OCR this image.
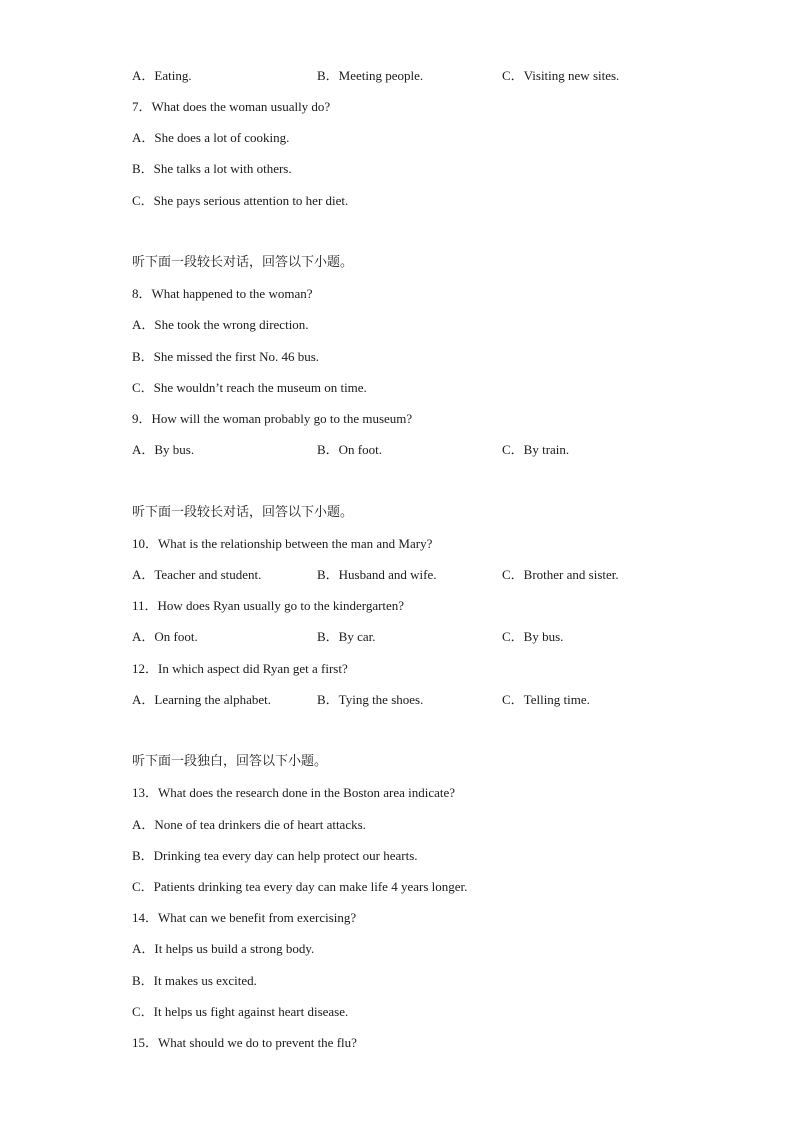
A．Eating.	B．Meeting people.	C．Visiting new sites.
7．What does the woman usually do?
A．She does a lot of cooking.
B．She talks a lot with others.
C．She pays serious attention to her diet.
听下面一段较长对话，回答以下小题。
8．What happened to the woman?
A．She took the wrong direction.
B．She missed the first No. 46 bus.
C．She wouldn’t reach the museum on time.
9．How will the woman probably go to the museum?
A．By bus.	B．On foot.	C．By train.
听下面一段较长对话，回答以下小题。
10．What is the relationship between the man and Mary?
A．Teacher and student.	B．Husband and wife.	C．Brother and sister.
11．How does Ryan usually go to the kindergarten?
A．On foot.	B．By car.	C．By bus.
12．In which aspect did Ryan get a first?
A．Learning the alphabet.	B．Tying the shoes.	C．Telling time.
听下面一段独白，回答以下小题。
13．What does the research done in the Boston area indicate?
A．None of tea drinkers die of heart attacks.
B．Drinking tea every day can help protect our hearts.
C．Patients drinking tea every day can make life 4 years longer.
14．What can we benefit from exercising?
A．It helps us build a strong body.
B．It makes us excited.
C．It helps us fight against heart disease.
15．What should we do to prevent the flu?
